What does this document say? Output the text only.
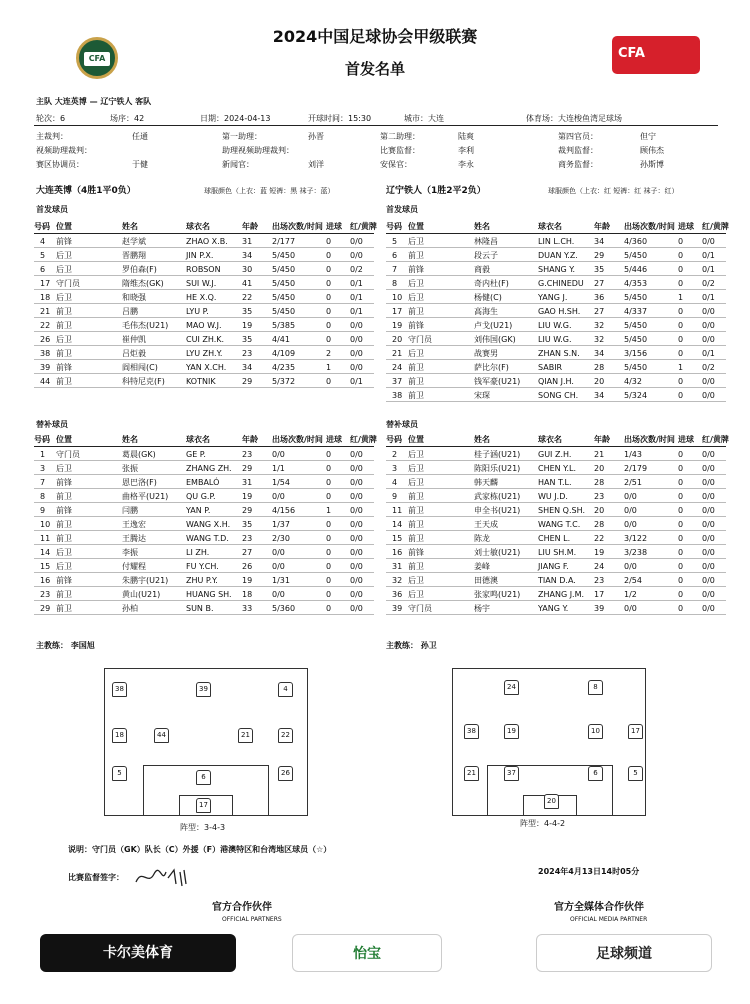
2024中国足球协会甲级联赛
首发名单
CFA	CFA
主队 大连英博 — 辽宁铁人 客队
轮次：6	场序：42	日期：2024-04-13	开球时间：15:30	城市：大连	体育场：大连梭鱼湾足球场
主裁判：	任通	第一助理：	孙晋	第二助理：	陆爽	第四官员：	但宁
视频助理裁判：	助理视频助理裁判：	比赛监督：	李利	裁判监督：	顾伟杰
赛区协调员：	于健	新闻官：	刘洋	安保官：	李永	商务监督：	孙斯博
大连英博（4胜1平0负）	球服颜色（上衣：蓝 短裤：黑 袜子：蓝）	辽宁铁人（1胜2平2负）	球服颜色（上衣：红 短裤：红 袜子：红）
首发球员	首发球员
号码 位置	姓名	球衣名	年龄 出场次数/时间 进球 红/黄牌
4 前锋	赵学斌	ZHAO X.B. 31 2/177	0 0/0
5 后卫	晋鹏翔	JIN P.X.	34 5/450	0 0/0
6 后卫	罗伯森(F)	ROBSON	30 5/450	0 0/2
17 守门员	隋维杰(GK)	SUI W.J.	41 5/450	0 0/1
18 后卫	和晓强	HE X.Q.	22 5/450	0 0/1
21 前卫	吕鹏	LYU P.	35 5/450	0 0/1
22 前卫	毛伟杰(U21) MAO W.J.	19 5/385	0 0/0
26 后卫	崔仲凯	CUI ZH.K. 35 4/41	0 0/0
38 前卫	吕炬毅	LYU ZH.Y. 23 4/109	2 0/0
39 前锋	阎相闯(C)	YAN X.CH. 34 4/235	1 0/0
44 前卫	科特尼克(F)	KOTNIK	29 5/372	0 0/1
号码 位置	姓名	球衣名	年龄 出场次数/时间 进球 红/黄牌
5 后卫	林隆昌	LIN L.CH. 34 4/360	0 0/0
6 前卫	段云子	DUAN Y.Z. 29 5/450	0 0/1
7 前锋	商毅	SHANG Y. 35 5/446	0 0/1
8 后卫	奇内杜(F)	G.CHINEDU 27 4/353	0 0/2
10 后卫	杨健(C)	YANG J.	36 5/450	1 0/1
17 前卫	高海生	GAO H.SH. 27 4/337	0 0/0
19 前锋	卢戈(U21)	LIU W.G.	32 5/450	0 0/0
20 守门员	刘伟国(GK)	LIU W.G.	32 5/450	0 0/0
21 后卫	战赛男	ZHAN S.N. 34 3/156	0 0/1
24 前卫	萨比尔(F)	SABIR	28 5/450	1 0/2
37 前卫	钱军豪(U21) QIAN J.H.	20 4/32	0 0/0
38 前卫	宋琛	SONG CH. 34 5/324	0 0/0
替补球员	替补球员
号码 位置	姓名	球衣名	年龄 出场次数/时间 进球 红/黄牌
1 守门员	葛晨(GK)	GE P.	23 0/0	0 0/0
3 后卫	张振	ZHANG ZH. 29 1/1	0 0/0
7 前锋	恩巴洛(F)	EMBALÓ	31 1/54	0 0/0
8 前卫	曲格平(U21) QU G.P.	19 0/0	0 0/0
9 前锋	闫鹏	YAN P.	29 4/156	1 0/0
10 前卫	王逸宏	WANG X.H. 35 1/37	0 0/0
11 前卫	王腾达	WANG T.D. 23 2/30	0 0/0
14 后卫	李振	LI ZH.	27 0/0	0 0/0
15 后卫	付耀程	FU Y.CH.	26 0/0	0 0/0
16 前锋	朱鹏宇(U21) ZHU P.Y.	19 1/31	0 0/0
23 前卫	黄山(U21)	HUANG SH. 18 0/0	0 0/0
29 前卫	孙柏	SUN B.	33 5/360	0 0/0
号码 位置	姓名	球衣名	年龄 出场次数/时间 进球 红/黄牌
2 后卫	桂子涵(U21) GUI Z.H.	21 1/43	0 0/0
3 后卫	陈阳乐(U21) CHEN Y.L. 20 2/179	0 0/0
4 后卫	韩天麟	HAN T.L.	28 2/51	0 0/0
9 前卫	武家栋(U21) WU J.D.	23 0/0	0 0/0
11 前卫	申全书(U21) SHEN Q.SH. 20 0/0	0 0/0
14 前卫	王天成	WANG T.C. 28 0/0	0 0/0
15 前卫	陈龙	CHEN L.	22 3/122	0 0/0
16 前锋	刘士敏(U21) LIU SH.M. 19 3/238	0 0/0
31 前卫	姜峰	JIANG F.	24 0/0	0 0/0
32 后卫	田德澳	TIAN D.A. 23 2/54	0 0/0
36 后卫	张家鸣(U21) ZHANG J.M. 17 1/2	0 0/0
39 守门员	杨宇	YANG Y.	39 0/0	0 0/0
主教练： 李国旭	主教练： 孙卫
38	39	4
18	44	21	22
5	6	26
17
24	8
38	19	10	17
21	37	6	5
20
阵型：3-4-3	阵型：4-4-2
说明：守门员（GK）队长（C）外援（F）港澳特区和台湾地区球员（☆）
比赛监督签字：
2024年4月13日14时05分
官方合作伙伴
OFFICIAL PARTNERS
官方全媒体合作伙伴
OFFICIAL MEDIA PARTNER
卡尔美体育	怡宝	足球频道
